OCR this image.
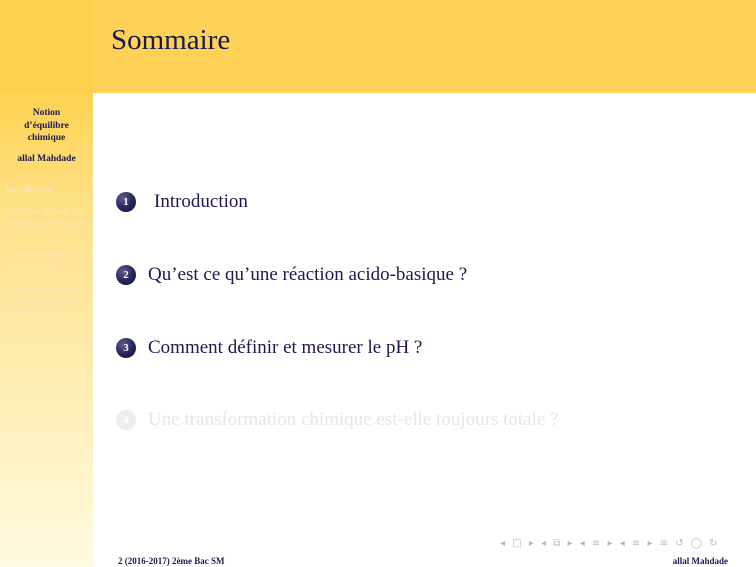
Sommaire
Notion
d’équilibre
chimique
allal Mahdade
Introduction
Qu’est ce qu’une réaction acido-basique ?
Comment définir et mesurer le pH ?
Une transformation chimique est-elle toujours totale ?
1	Introduction
2	Qu’est ce qu’une réaction acido-basique ?
3	Comment définir et mesurer le pH ?
4	Une transformation chimique est-elle toujours totale ?
◂ □ ▸ ◂ ⧉ ▸ ◂ ≡ ▸ ◂ ≡ ▸ ≡ ↺ ◯ ↻
2 (2016-2017) 2ème Bac SM	allal Mahdade
